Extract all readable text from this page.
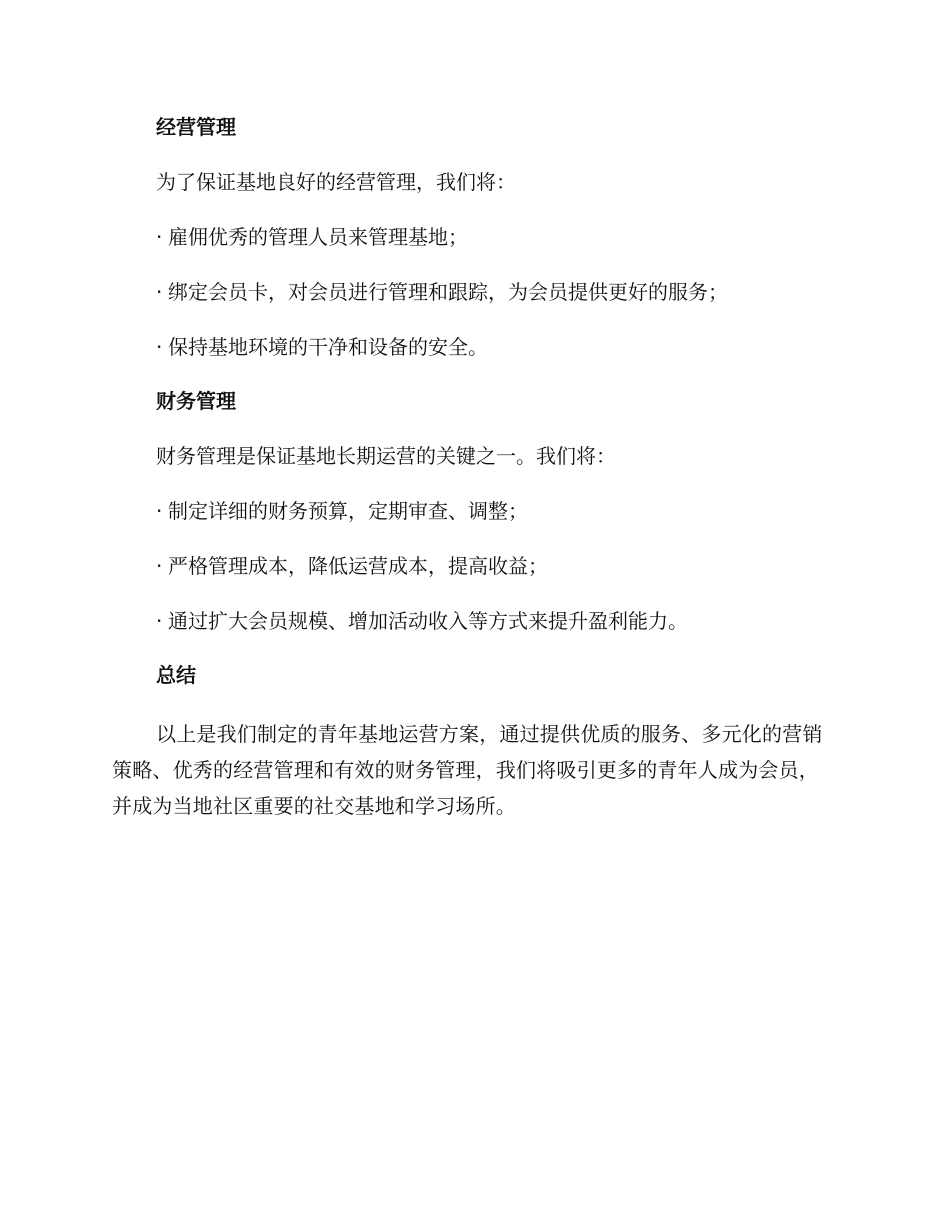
经营管理
为了保证基地良好的经营管理，我们将：
· 雇佣优秀的管理人员来管理基地；
· 绑定会员卡，对会员进行管理和跟踪，为会员提供更好的服务；
· 保持基地环境的干净和设备的安全。
财务管理
财务管理是保证基地长期运营的关键之一。我们将：
· 制定详细的财务预算，定期审查、调整；
· 严格管理成本，降低运营成本，提高收益；
· 通过扩大会员规模、增加活动收入等方式来提升盈利能力。
总结
以上是我们制定的青年基地运营方案，通过提供优质的服务、多元化的营销策略、优秀的经营管理和有效的财务管理，我们将吸引更多的青年人成为会员，并成为当地社区重要的社交基地和学习场所。
